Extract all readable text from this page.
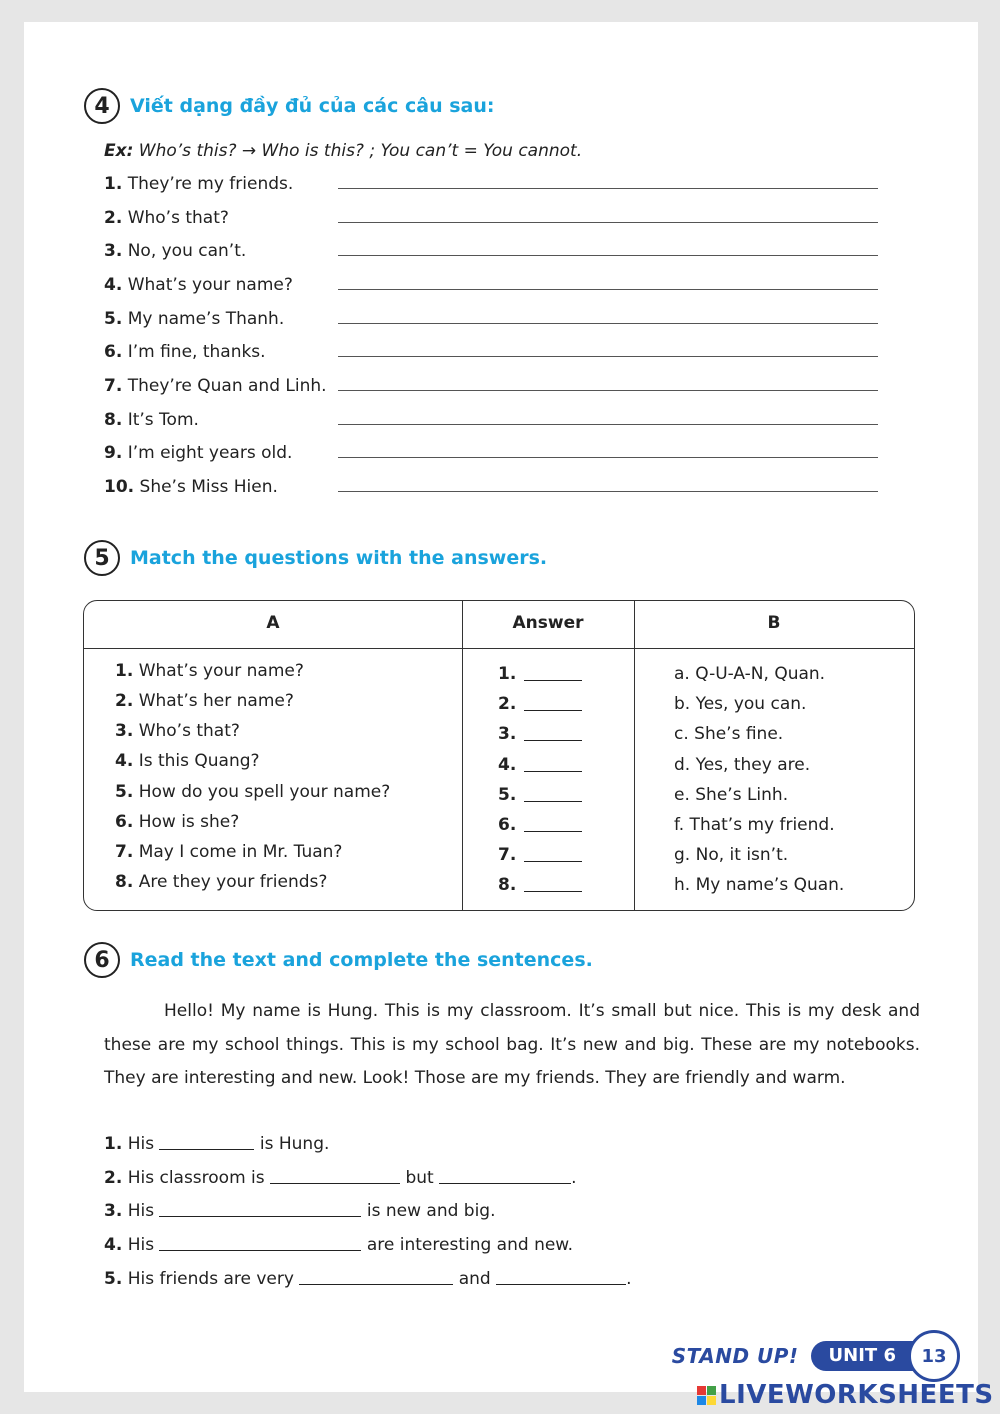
4	Viết dạng đầy đủ của các câu sau:
Ex: Who’s this? → Who is this? ; You can’t = You cannot.
1. They’re my friends.
2. Who’s that?
3. No, you can’t.
4. What’s your name?
5. My name’s Thanh.
6. I’m fine, thanks.
7. They’re Quan and Linh.
8. It’s Tom.
9. I’m eight years old.
10. She’s Miss Hien.
5	Match the questions with the answers.
A	Answer	B
1. What’s your name?	1.	a. Q-U-A-N, Quan.
2. What’s her name?	2.	b. Yes, you can.
3. Who’s that?	3.	c. She’s fine.
4. Is this Quang?	4.	d. Yes, they are.
5. How do you spell your name?	5.	e. She’s Linh.
6. How is she?	6.	f. That’s my friend.
7. May I come in Mr. Tuan?	7.	g. No, it isn’t.
8. Are they your friends?	8.	h. My name’s Quan.
6	Read the text and complete the sentences.
Hello! My name is Hung. This is my classroom. It’s small but nice. This is my desk and these are my school things. This is my school bag. It’s new and big. These are my notebooks. They are interesting and new. Look! Those are my friends. They are friendly and warm.
1. His	is Hung.
2. His classroom is	but	.
3. His	is new and big.
4. His	are interesting and new.
5. His friends are very	and	.
STAND UP!	UNIT 6	13
LIVEWORKSHEETS
